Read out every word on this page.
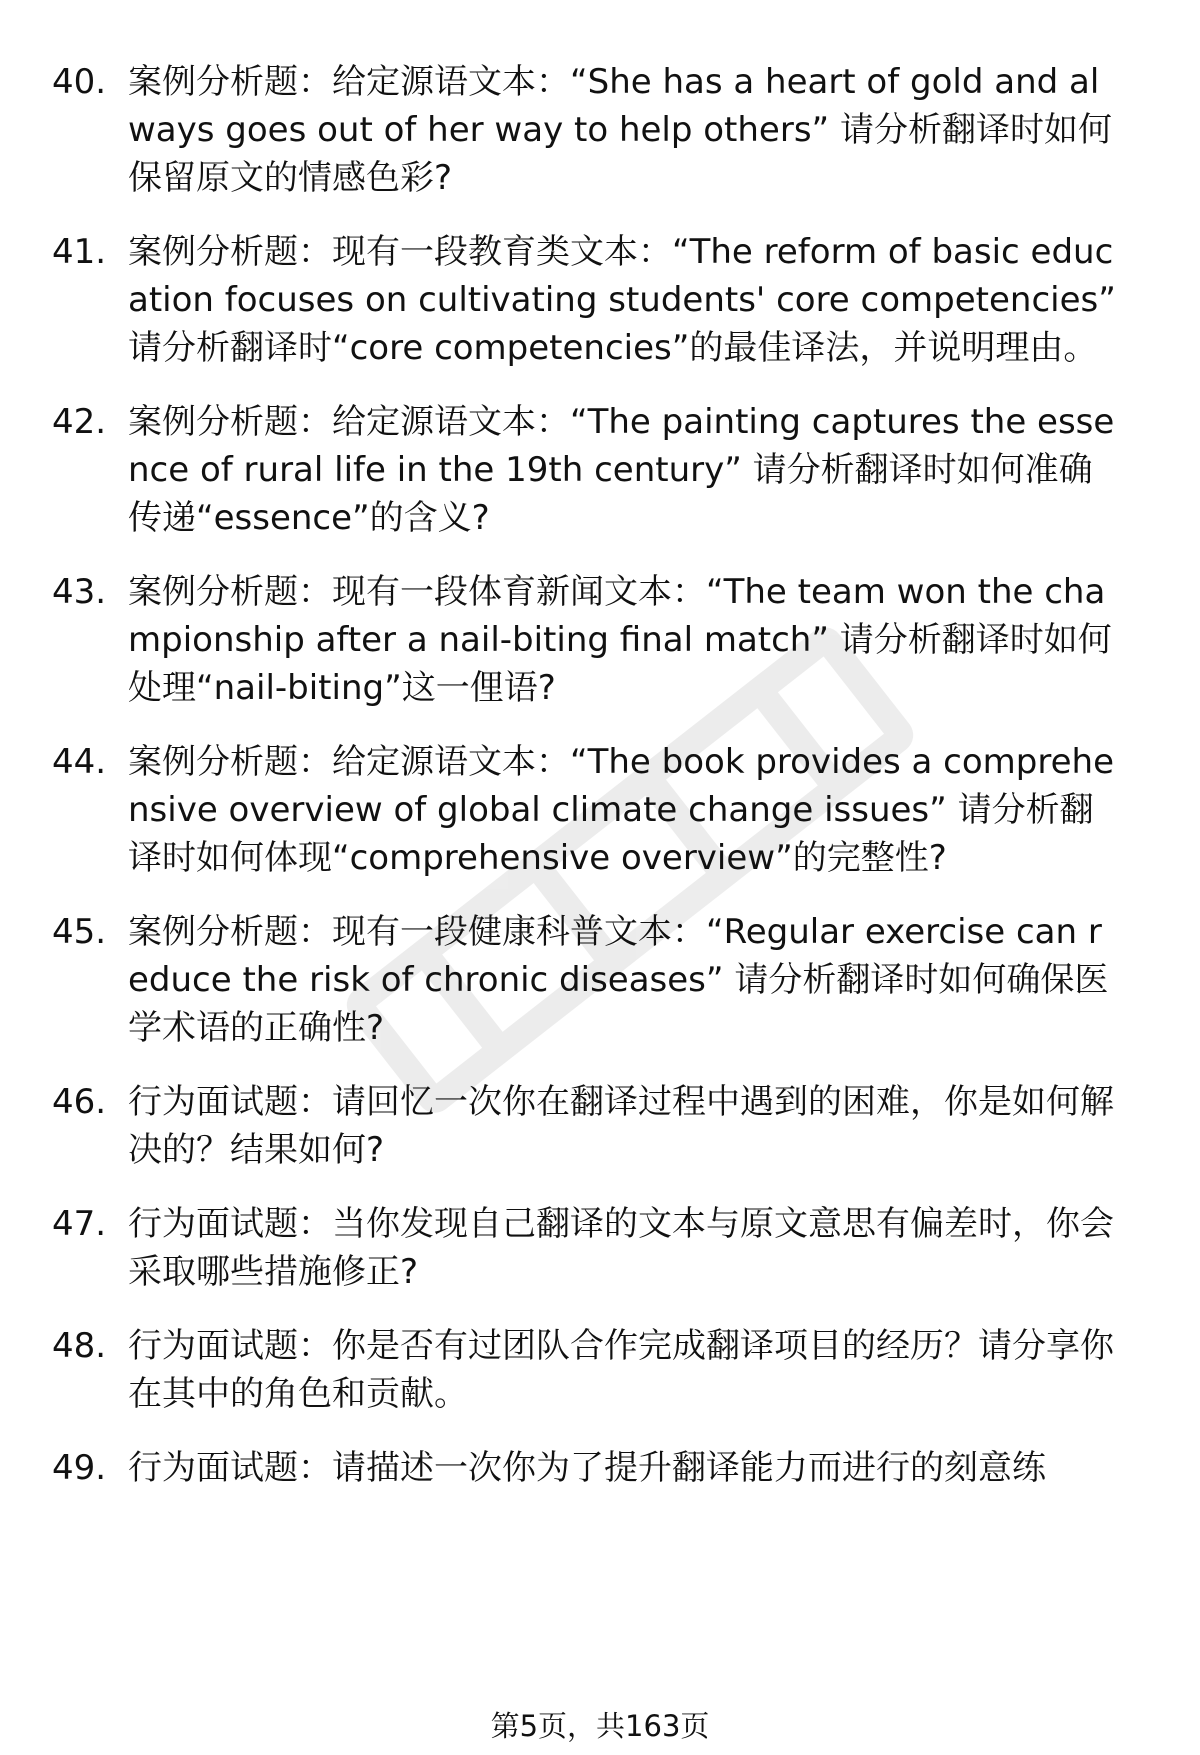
40. 案例分析题：给定源语文本：“She has a heart of gold and always goes out of her way to help others” 请分析翻译时如何保留原文的情感色彩?
41. 案例分析题：现有一段教育类文本：“The reform of basic education focuses on cultivating students' core competencies” 请分析翻译时“core competencies”的最佳译法，并说明理由。
42. 案例分析题：给定源语文本：“The painting captures the essence of rural life in the 19th century” 请分析翻译时如何准确传递“essence”的含义?
43. 案例分析题：现有一段体育新闻文本：“The team won the championship after a nail-biting final match” 请分析翻译时如何处理“nail-biting”这一俚语?
44. 案例分析题：给定源语文本：“The book provides a comprehensive overview of global climate change issues” 请分析翻译时如何体现“comprehensive overview”的完整性?
45. 案例分析题：现有一段健康科普文本：“Regular exercise can reduce the risk of chronic diseases” 请分析翻译时如何确保医学术语的正确性?
46. 行为面试题：请回忆一次你在翻译过程中遇到的困难，你是如何解决的？结果如何?
47. 行为面试题：当你发现自己翻译的文本与原文意思有偏差时，你会采取哪些措施修正?
48. 行为面试题：你是否有过团队合作完成翻译项目的经历？请分享你在其中的角色和贡献。
49. 行为面试题：请描述一次你为了提升翻译能力而进行的刻意练
第5页，共163页
